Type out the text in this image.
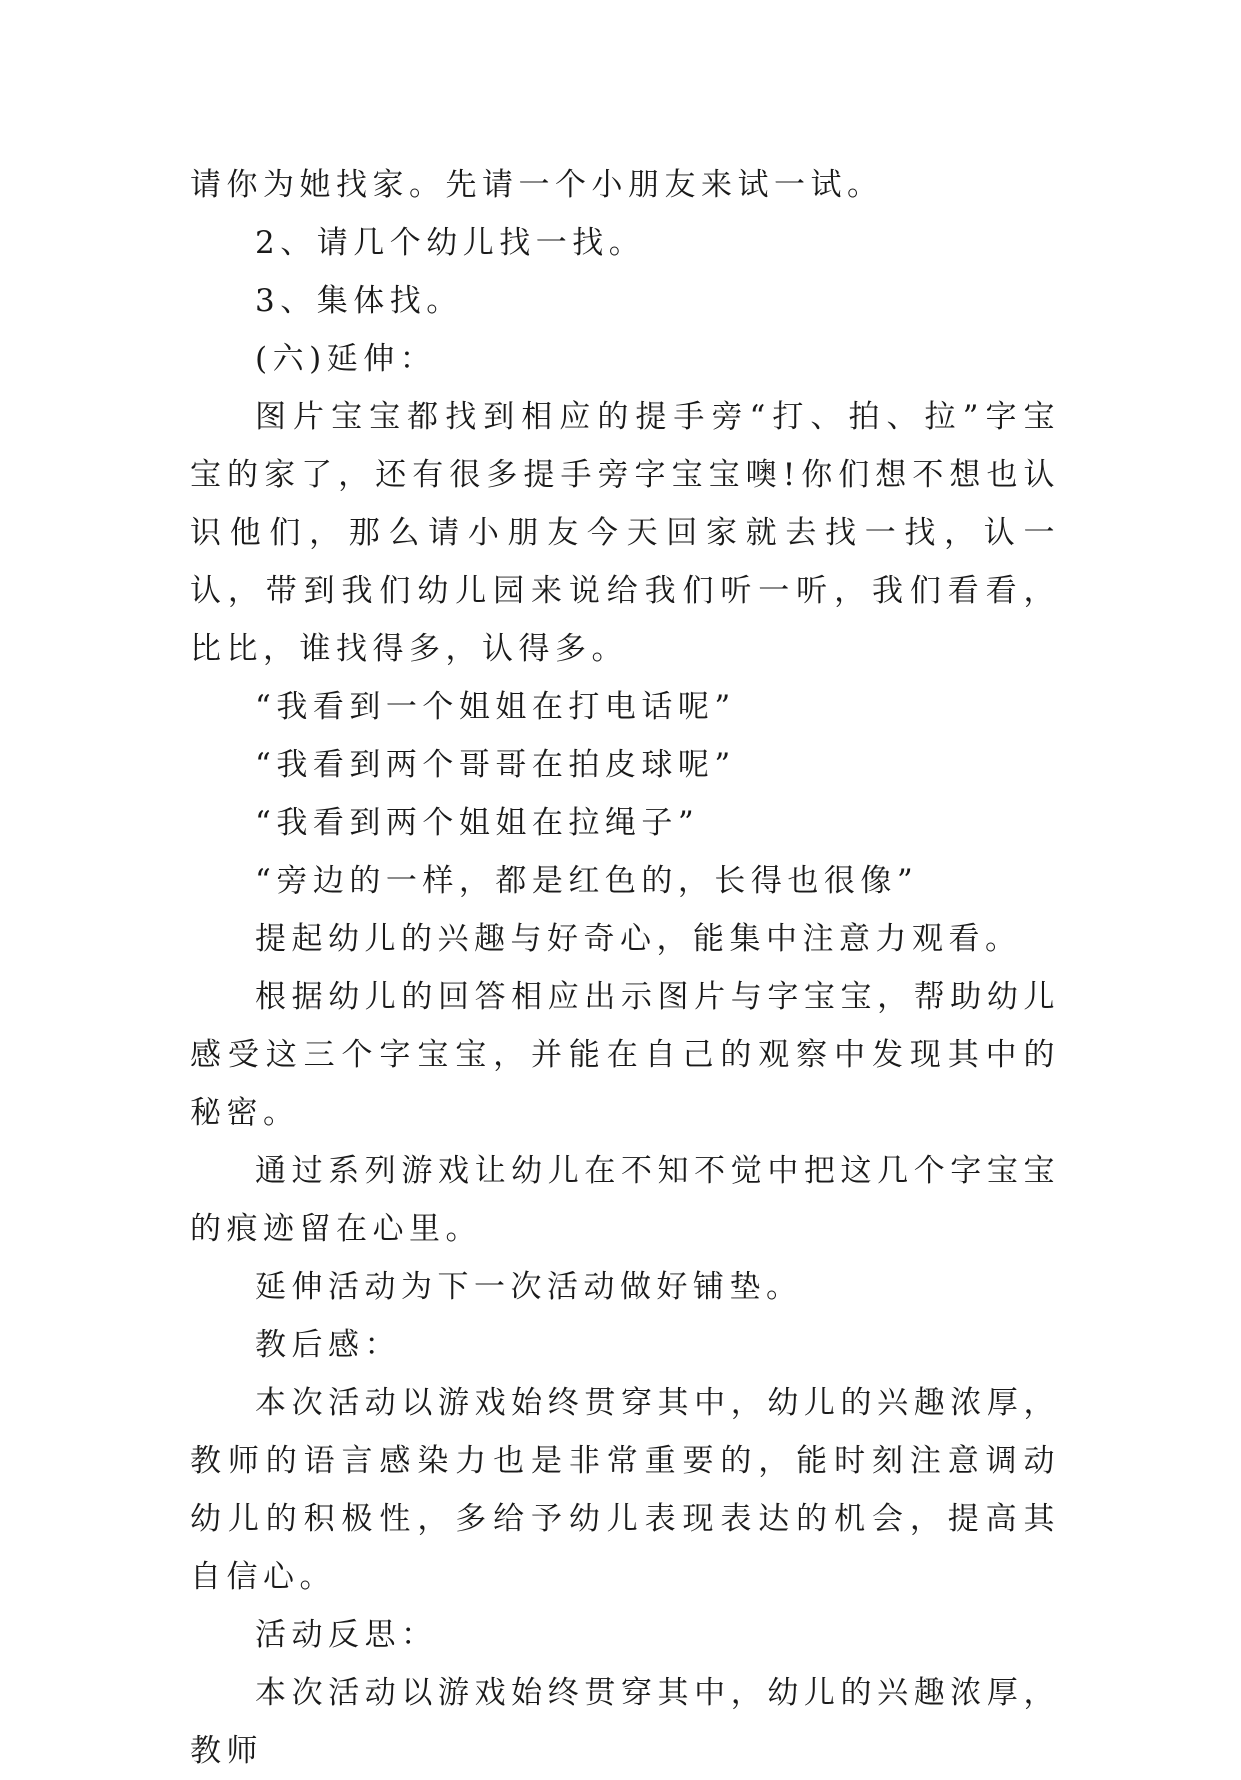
请你为她找家。先请一个小朋友来试一试。

2、请几个幼儿找一找。

3、集体找。

(六)延伸：

图片宝宝都找到相应的提手旁“打、拍、拉”字宝宝的家了，还有很多提手旁字宝宝噢!你们想不想也认识他们，那么请小朋友今天回家就去找一找，认一认，带到我们幼儿园来说给我们听一听，我们看看，比比，谁找得多，认得多。

“我看到一个姐姐在打电话呢”

“我看到两个哥哥在拍皮球呢”

“我看到两个姐姐在拉绳子”

“旁边的一样，都是红色的，长得也很像”

提起幼儿的兴趣与好奇心，能集中注意力观看。

根据幼儿的回答相应出示图片与字宝宝，帮助幼儿感受这三个字宝宝，并能在自己的观察中发现其中的秘密。

通过系列游戏让幼儿在不知不觉中把这几个字宝宝的痕迹留在心里。

延伸活动为下一次活动做好铺垫。

教后感：

本次活动以游戏始终贯穿其中，幼儿的兴趣浓厚，教师的语言感染力也是非常重要的，能时刻注意调动幼儿的积极性，多给予幼儿表现表达的机会，提高其自信心。

活动反思：

本次活动以游戏始终贯穿其中，幼儿的兴趣浓厚，教师
